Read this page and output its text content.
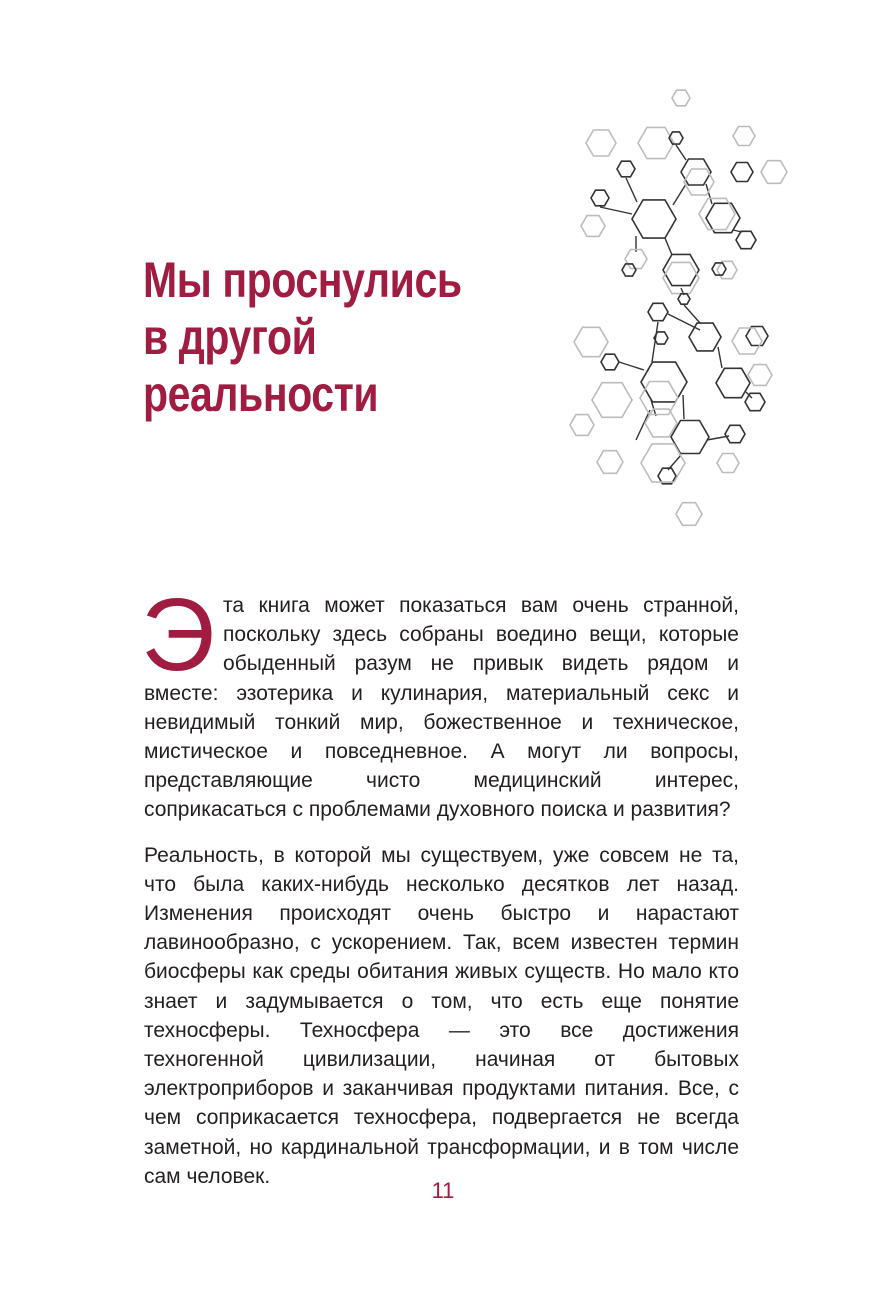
Мы проснулись
в другой
реальности

Эта книга может показаться вам очень странной, поскольку здесь собраны воедино вещи, которые обыденный разум не привык видеть рядом и вместе: эзотерика и кулинария, материальный секс и невидимый тонкий мир, божественное и техническое, мистическое и повседневное. А могут ли вопросы, представляющие чисто медицинский интерес, соприкасаться с проблемами духовного поиска и развития?

Реальность, в которой мы существуем, уже совсем не та, что была каких-нибудь несколько десятков лет назад. Изменения происходят очень быстро и нарастают лавинообразно, с ускорением. Так, всем известен термин биосферы как среды обитания живых существ. Но мало кто знает и задумывается о том, что есть еще понятие техносферы. Техносфера — это все достижения техногенной цивилизации, начиная от бытовых электроприборов и заканчивая продуктами питания. Все, с чем соприкасается техносфера, подвергается не всегда заметной, но кардинальной трансформации, и в том числе сам человек.

11
